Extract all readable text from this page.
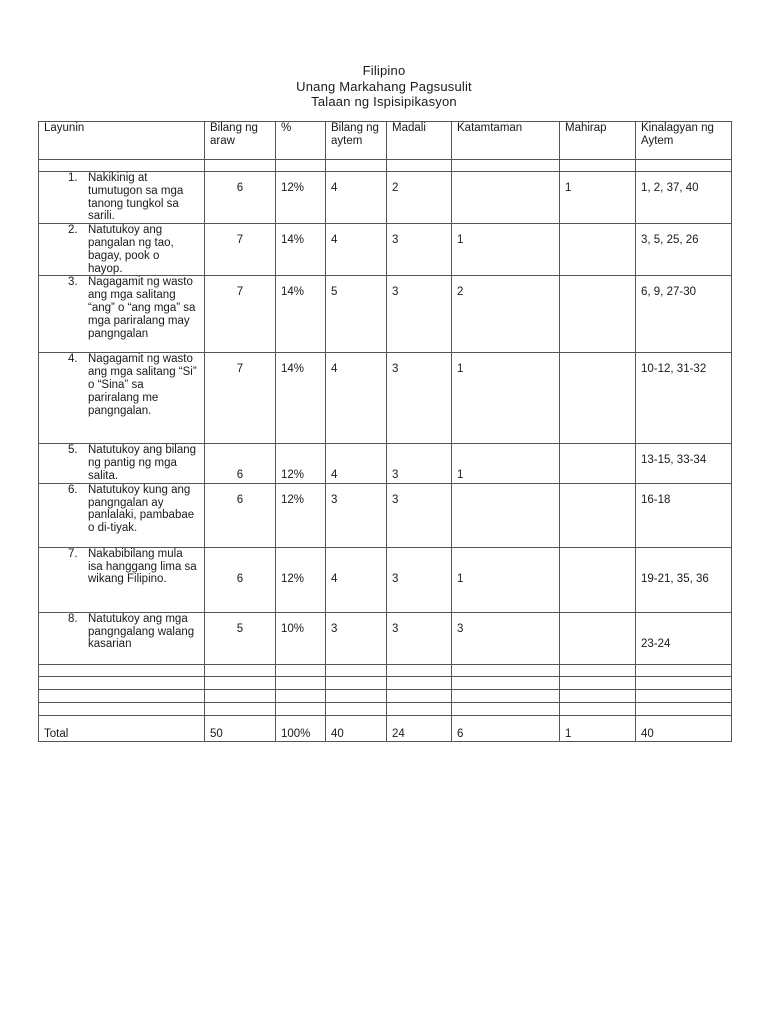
Filipino
Unang Markahang Pagsusulit
Talaan ng Ispisipikasyon
Layunin	Bilang ng araw	%	Bilang ng aytem	Madali	Katamtaman	Mahirap	Kinalagyan ng Aytem

1. Nakikinig at tumutugon sa mga tanong tungkol sa sarili.	6	12%	4	2		1	1, 2, 37, 40

2. Natutukoy ang pangalan ng tao, bagay, pook o hayop.	7	14%	4	3	1		3, 5, 25, 26

3. Nagagamit ng wasto ang mga salitang “ang” o “ang mga” sa mga pariralang may pangngalan	7	14%	5	3	2		6, 9, 27-30

4. Nagagamit ng wasto ang mga salitang “Si” o “Sina” sa pariralang me pangngalan.	7	14%	4	3	1		10-12, 31-32

5. Natutukoy ang bilang ng pantig ng mga salita.	6	12%	4	3	1		13-15, 33-34

6. Natutukoy kung ang pangngalan ay panlalaki, pambabae o di-tiyak.	6	12%	3	3			16-18

7. Nakabibilang mula isa hanggang lima sa wikang Filipino.	6	12%	4	3	1		19-21, 35, 36

8. Natutukoy ang mga pangngalang walang kasarian	5	10%	3	3	3		23-24

Total	50	100%	40	24	6	1	40
